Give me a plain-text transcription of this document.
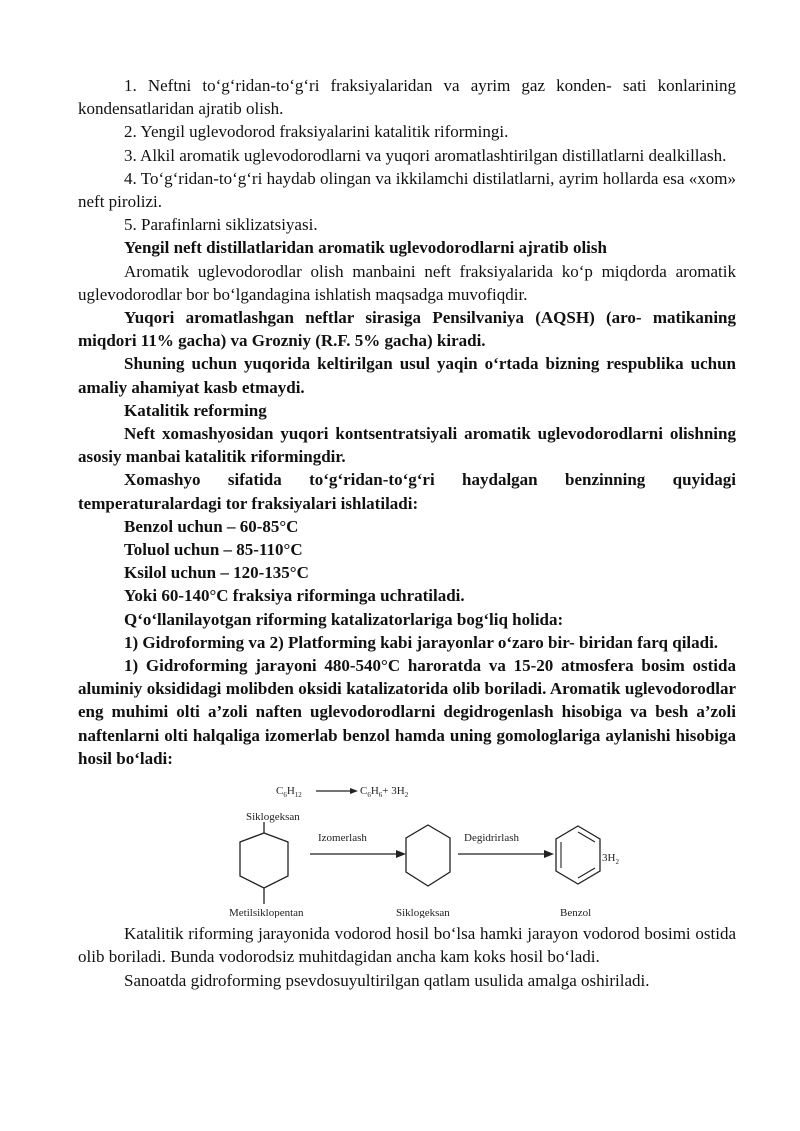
1. Neftni to‘g‘ridan-to‘g‘ri fraksiyalaridan va ayrim gaz konden- sati konlarining kondensatlaridan ajratib olish.

2. Yengil uglevodorod fraksiyalarini katalitik riformingi.

3. Alkil aromatik uglevodorodlarni va yuqori aromatlashtirilgan distillatlarni dealkillash.

4. To‘g‘ridan-to‘g‘ri haydab olingan va ikkilamchi distilatlarni, ayrim hollarda esa «xom» neft pirolizi.

5. Parafinlarni siklizatsiyasi.

Yengil neft distillatlaridan aromatik uglevodorodlarni ajratib olish

Aromatik uglevodorodlar olish manbaini neft fraksiyalarida ko‘p miqdorda aromatik uglevodorodlar bor bo‘lgandagina ishlatish maqsadga muvofiqdir.

Yuqori aromatlashgan neftlar sirasiga Pensilvaniya (AQSH) (aro- matikaning miqdori 11% gacha) va Grozniy (R.F. 5% gacha) kiradi.

Shuning uchun yuqorida keltirilgan usul yaqin o‘rtada bizning respublika uchun amaliy ahamiyat kasb etmaydi.

Katalitik reforming

Neft xomashyosidan yuqori kontsentratsiyali aromatik uglevodorodlarni olishning asosiy manbai katalitik riformingdir.

Xomashyo sifatida to‘g‘ridan-to‘g‘ri haydalgan benzinning quyidagi temperaturalardagi tor fraksiyalari ishlatiladi:

Benzol uchun – 60-85°C

Toluol uchun – 85-110°C

Ksilol uchun – 120-135°C

Yoki 60-140°C fraksiya riforminga uchratiladi.

Q‘o‘llanilayotgan riforming katalizatorlariga bog‘liq holida:

1) Gidroforming va 2) Platforming kabi jarayonlar o‘zaro bir- biridan farq qiladi.

1) Gidroforming jarayoni 480-540°C haroratda va 15-20 atmosfera bosim ostida aluminiy oksididagi molibden oksidi katalizatorida olib boriladi. Aromatik uglevodorodlar eng muhimi olti a’zoli naften uglevodorodlarni degidrogenlash hisobiga va besh a’zoli naftenlarni olti halqaliga izomerlab benzol hamda uning gomologlariga aylanishi hisobiga hosil bo‘ladi:

$C_6H_{12}$	$C_6H_6+ 3H_2$
Siklogeksan
Metilsiklopentan
Izomerlash
Siklogeksan
Degidrirlash
$3H_2$
Benzol

Katalitik riforming jarayonida vodorod hosil bo‘lsa hamki jarayon vodorod bosimi ostida olib boriladi. Bunda vodorodsiz muhitdagidan ancha kam koks hosil bo‘ladi.

Sanoatda gidroforming psevdosuyultirilgan qatlam usulida amalga oshiriladi.
